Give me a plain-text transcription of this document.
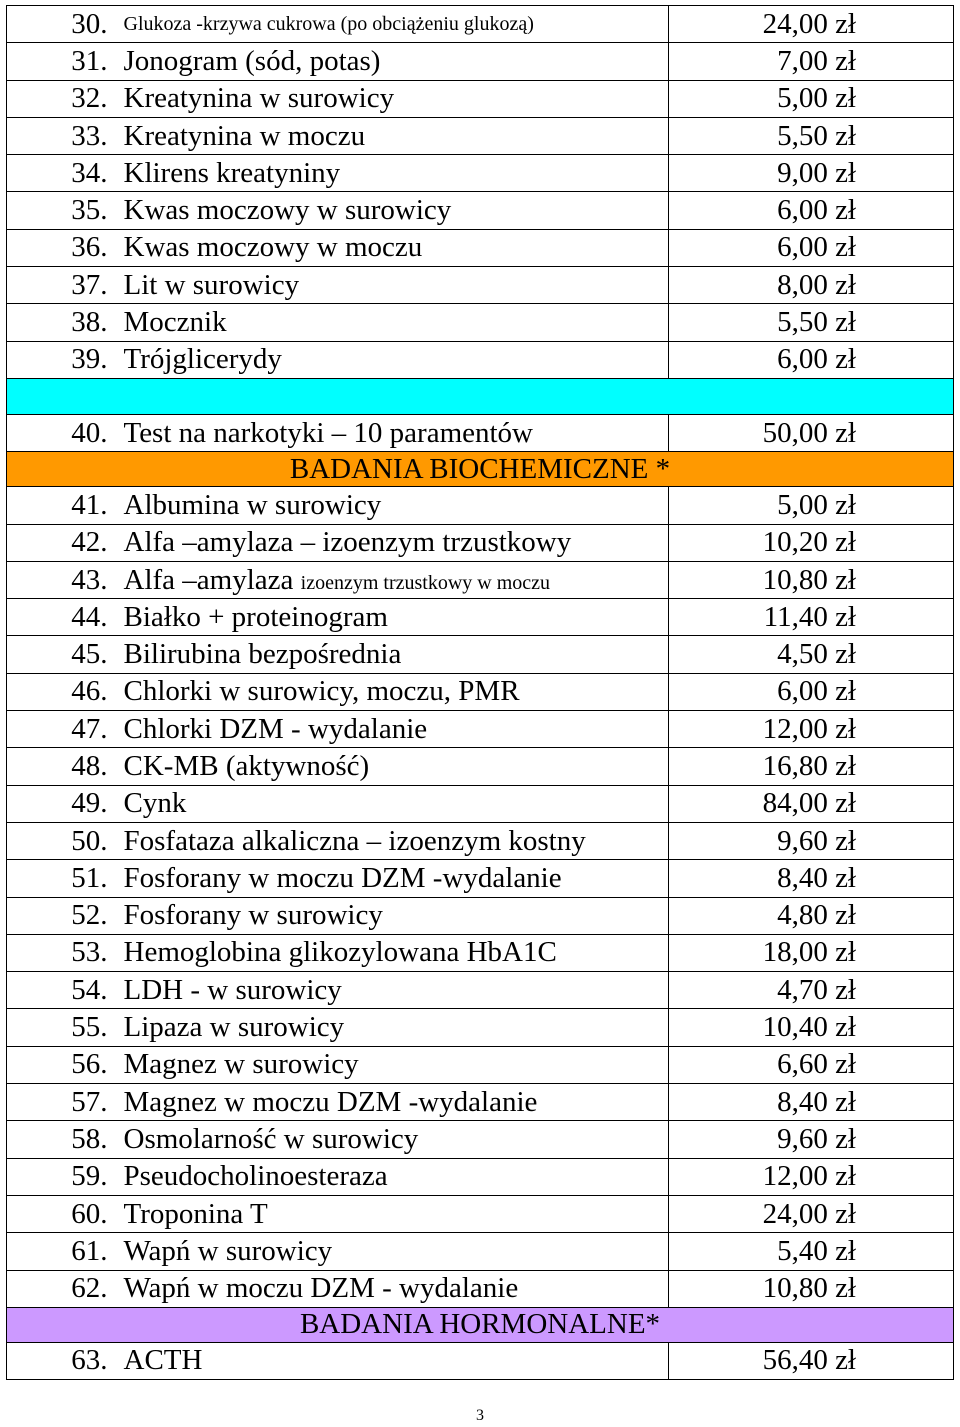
30.	Glukoza -krzywa cukrowa (po obciążeniu glukozą)	24,00 zł
31.	Jonogram (sód, potas)	7,00 zł
32.	Kreatynina w surowicy	5,00 zł
33.	Kreatynina w moczu	5,50 zł
34.	Klirens kreatyniny	9,00 zł
35.	Kwas moczowy w surowicy	6,00 zł
36.	Kwas moczowy w moczu	6,00 zł
37.	Lit w surowicy	8,00 zł
38.	Mocznik	5,50 zł
39.	Trójglicerydy	6,00 zł

40.	Test na narkotyki – 10 paramentów	50,00 zł
BADANIA BIOCHEMICZNE *		
41.	Albumina w surowicy	5,00 zł
42.	Alfa –amylaza – izoenzym trzustkowy	10,20 zł
43.	Alfa –amylaza izoenzym trzustkowy w moczu	10,80 zł
44.	Białko + proteinogram	11,40 zł
45.	Bilirubina bezpośrednia	4,50 zł
46.	Chlorki w surowicy, moczu, PMR	6,00 zł
47.	Chlorki DZM - wydalanie	12,00 zł
48.	CK-MB (aktywność)	16,80 zł
49.	Cynk	84,00 zł
50.	Fosfataza alkaliczna – izoenzym kostny	9,60 zł
51.	Fosforany w moczu DZM -wydalanie	8,40 zł
52.	Fosforany w surowicy	4,80 zł
53.	Hemoglobina glikozylowana HbA1C	18,00 zł
54.	LDH - w surowicy	4,70 zł
55.	Lipaza w surowicy	10,40 zł
56.	Magnez w surowicy	6,60 zł
57.	Magnez w moczu DZM -wydalanie	8,40 zł
58.	Osmolarność w surowicy	9,60 zł
59.	Pseudocholinoesteraza	12,00 zł
60.	Troponina T	24,00 zł
61.	Wapń w surowicy	5,40 zł
62.	Wapń w moczu DZM - wydalanie	10,80 zł
BADANIA HORMONALNE*		
63.	ACTH	56,40 zł
3
